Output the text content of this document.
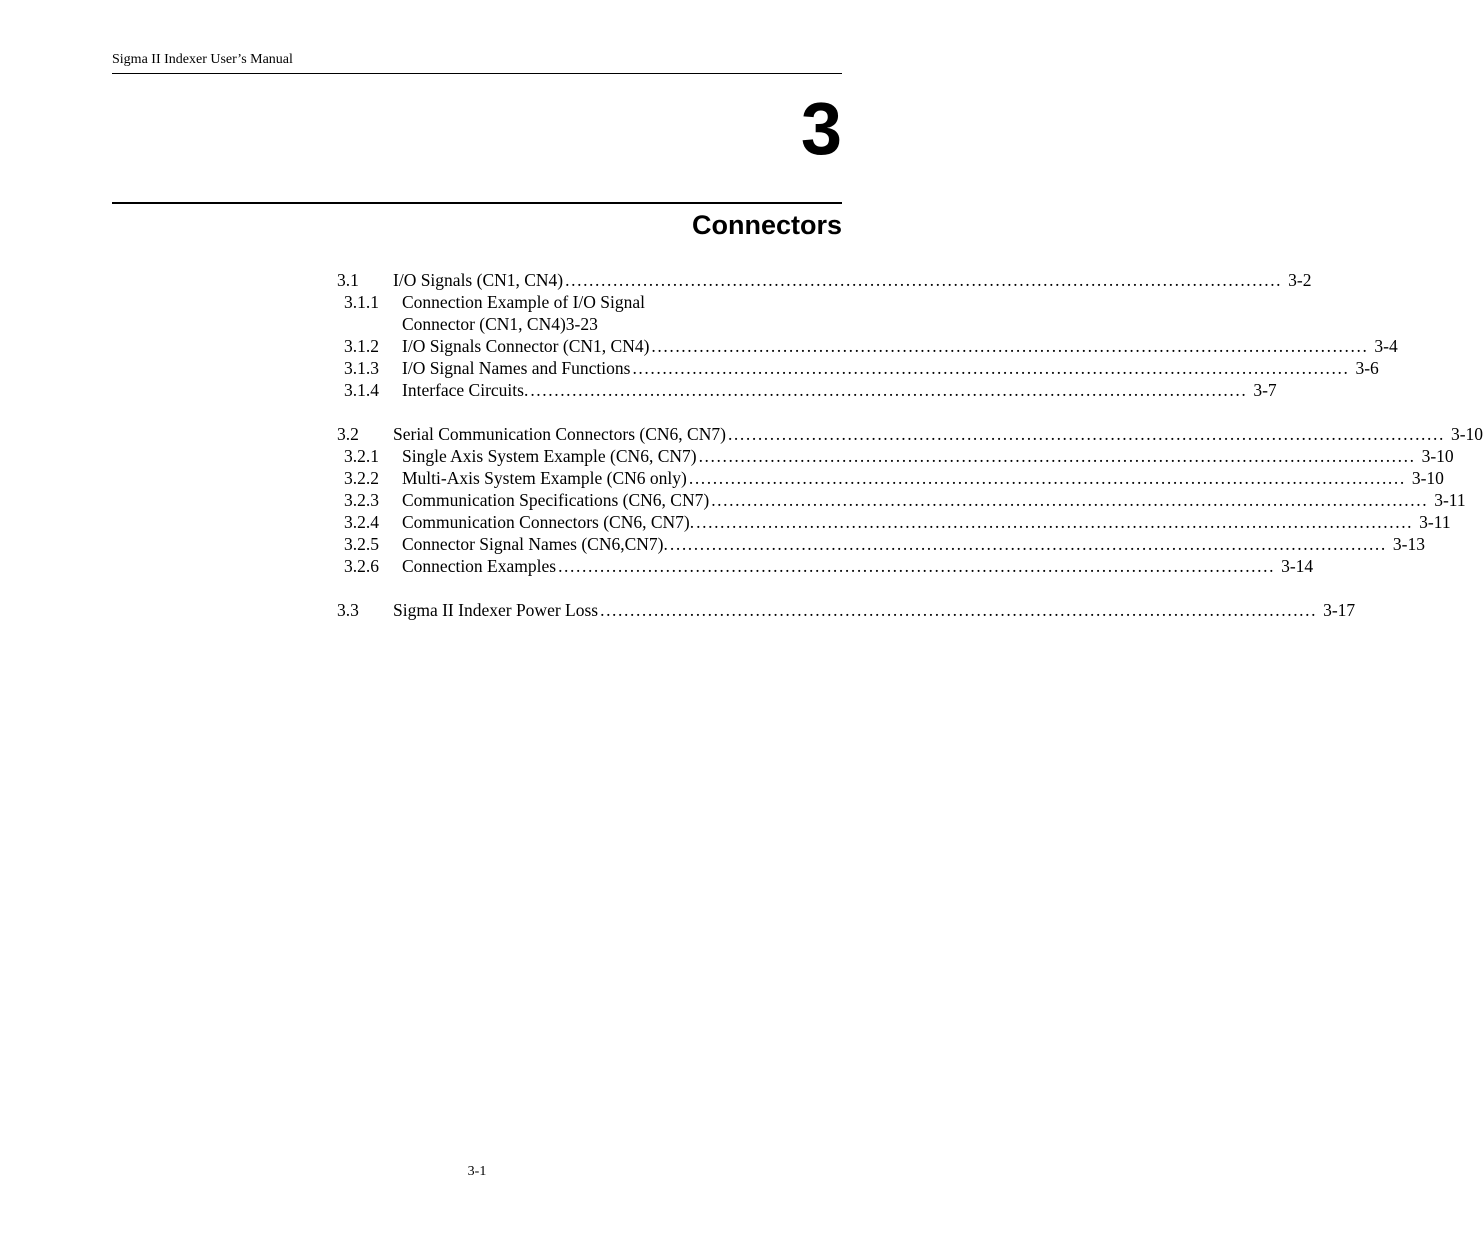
Sigma II Indexer User’s Manual
3
Connectors
3.1 I/O Signals (CN1, CN4) ........................................................................................................................ 3-2
3.1.1 Connection Example of I/O Signal
Connector (CN1, CN4)3-23
3.1.2 I/O Signals Connector (CN1, CN4) ........................................................................................................................ 3-4
3.1.3 I/O Signal Names and Functions ........................................................................................................................ 3-6
3.1.4 Interface Circuits. ........................................................................................................................ 3-7
3.2 Serial Communication Connectors (CN6, CN7) ........................................................................................................................ 3-10
3.2.1 Single Axis System Example (CN6, CN7) ........................................................................................................................ 3-10
3.2.2 Multi-Axis System Example (CN6 only) ........................................................................................................................ 3-10
3.2.3 Communication Specifications (CN6, CN7) ........................................................................................................................ 3-11
3.2.4 Communication Connectors (CN6, CN7). ........................................................................................................................ 3-11
3.2.5 Connector Signal Names (CN6,CN7). ........................................................................................................................ 3-13
3.2.6 Connection Examples ........................................................................................................................ 3-14
3.3 Sigma II Indexer Power Loss ........................................................................................................................ 3-17
3-1
